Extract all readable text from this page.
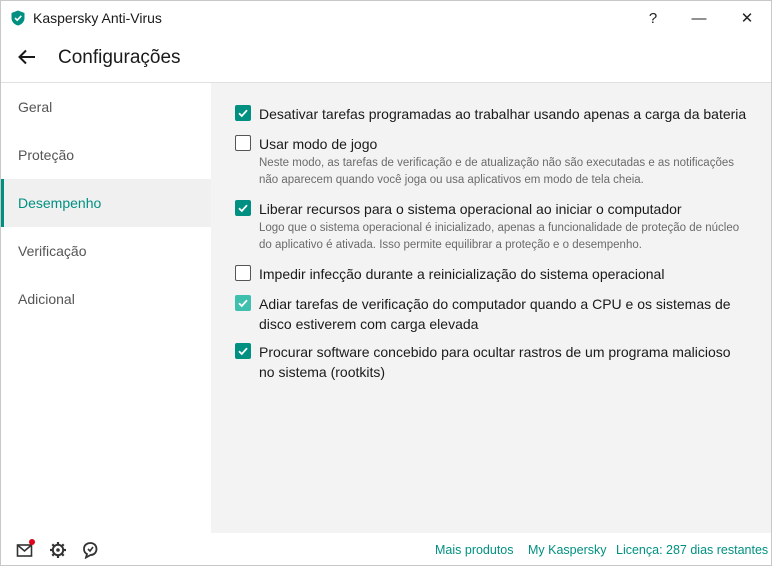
Kaspersky Anti-Virus	?	—	✕
Configurações
Geral
Proteção
Desempenho
Verificação
Adicional
Desativar tarefas programadas ao trabalhar usando apenas a carga da bateria
Usar modo de jogo
Neste modo, as tarefas de verificação e de atualização não são executadas e as notificações não aparecem quando você joga ou usa aplicativos em modo de tela cheia.
Liberar recursos para o sistema operacional ao iniciar o computador
Logo que o sistema operacional é inicializado, apenas a funcionalidade de proteção de núcleo do aplicativo é ativada. Isso permite equilibrar a proteção e o desempenho.
Impedir infecção durante a reinicialização do sistema operacional
Adiar tarefas de verificação do computador quando a CPU e os sistemas de disco estiverem com carga elevada
Procurar software concebido para ocultar rastros de um programa malicioso no sistema (rootkits)
Mais produtos My Kaspersky Licença: 287 dias restantes
